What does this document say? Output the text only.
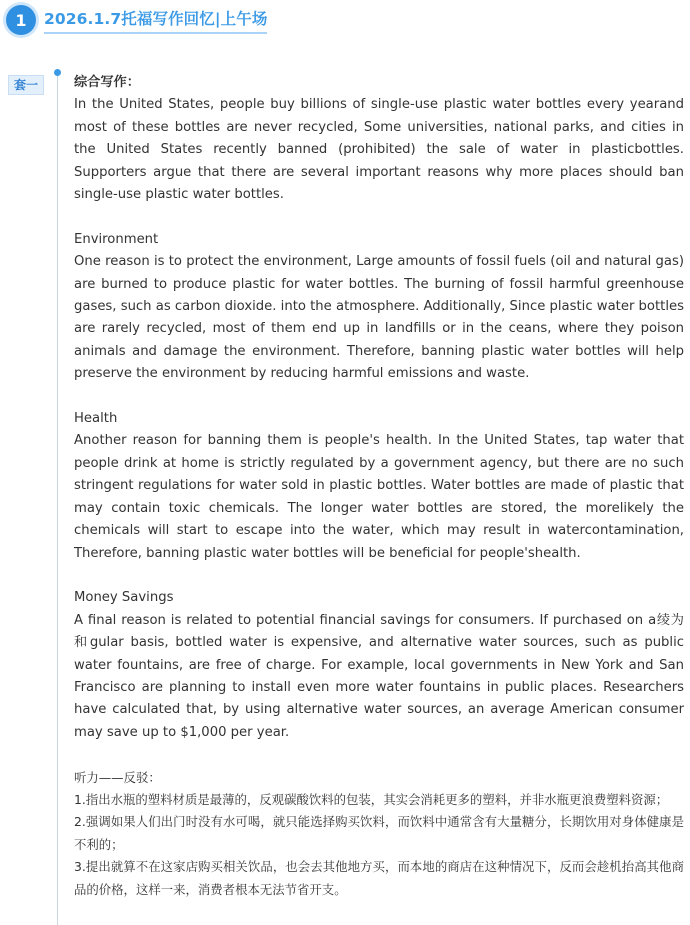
1	2026.1.7托福写作回忆|上午场
套一	综合写作：

In the United States, people buy billions of single-use plastic water bottles every yearand most of these bottles are never recycled, Some universities, national parks, and cities in the United States recently banned (prohibited) the sale of water in plasticbottles. Supporters argue that there are several important reasons why more places should ban single-use plastic water bottles.

Environment

One reason is to protect the environment, Large amounts of fossil fuels (oil and natural gas) are burned to produce plastic for water bottles. The burning of fossil harmful greenhouse gases, such as carbon dioxide. into the atmosphere. Additionally, Since plastic water bottles are rarely recycled, most of them end up in landfills or in the ceans, where they poison animals and damage the environment. Therefore, banning plastic water bottles will help preserve the environment by reducing harmful emissions and waste.

Health

Another reason for banning them is people's health. In the United States, tap water that people drink at home is strictly regulated by a government agency, but there are no such stringent regulations for water sold in plastic bottles. Water bottles are made of plastic that may contain toxic chemicals. The longer water bottles are stored, the morelikely the chemicals will start to escape into the water, which may result in watercontamination, Therefore, banning plastic water bottles will be beneficial for people'shealth.

Money Savings

A final reason is related to potential financial savings for consumers. If purchased on a绫为和gular basis, bottled water is expensive, and alternative water sources, such as public water fountains, are free of charge. For example, local governments in New York and San Francisco are planning to install even more water fountains in public places. Researchers have calculated that, by using alternative water sources, an average American consumer may save up to $1,000 per year.

听力——反驳：

1.指出水瓶的塑料材质是最薄的，反观碳酸饮料的包装，其实会消耗更多的塑料，并非水瓶更浪费塑料资源；

2.强调如果人们出门时没有水可喝，就只能选择购买饮料，而饮料中通常含有大量糖分，长期饮用对身体健康是不利的；

3.提出就算不在这家店购买相关饮品，也会去其他地方买，而本地的商店在这种情况下，反而会趁机抬高其他商品的价格，这样一来，消费者根本无法节省开支。
